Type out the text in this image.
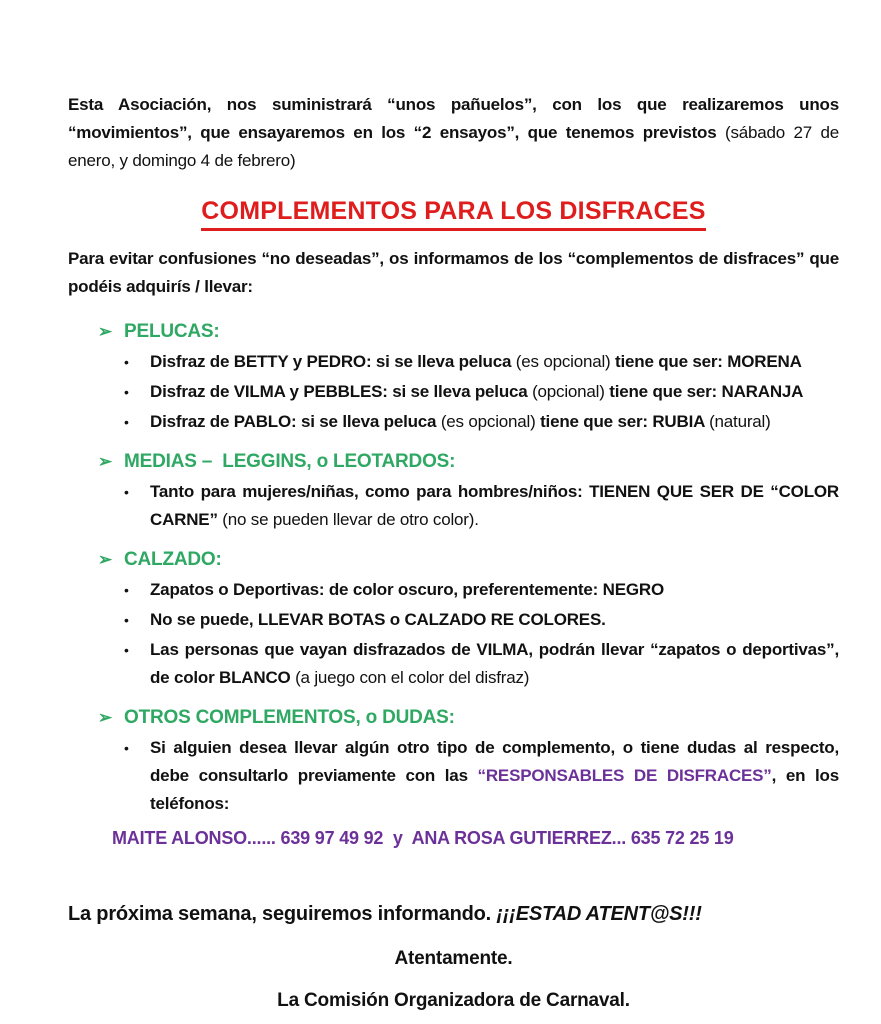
Esta Asociación, nos suministrará “unos pañuelos”, con los que realizaremos unos “movimientos”, que ensayaremos en los “2 ensayos”, que tenemos previstos (sábado 27 de enero, y domingo 4 de febrero)

COMPLEMENTOS PARA LOS DISFRACES

Para evitar confusiones “no deseadas”, os informamos de los “complementos de disfraces” que podéis adquirís / llevar:

➢ PELUCAS:
•	Disfraz de BETTY y PEDRO: si se lleva peluca (es opcional) tiene que ser: MORENA
•	Disfraz de VILMA y PEBBLES: si se lleva peluca (opcional) tiene que ser: NARANJA
•	Disfraz de PABLO: si se lleva peluca (es opcional) tiene que ser: RUBIA (natural)
➢ MEDIAS –  LEGGINS, o LEOTARDOS:
•	Tanto para mujeres/niñas, como para hombres/niños: TIENEN QUE SER DE “COLOR CARNE” (no se pueden llevar de otro color).
➢ CALZADO:
•	Zapatos o Deportivas: de color oscuro, preferentemente: NEGRO
•	No se puede, LLEVAR BOTAS o CALZADO RE COLORES.
•	Las personas que vayan disfrazados de VILMA, podrán llevar “zapatos o deportivas”, de color BLANCO (a juego con el color del disfraz)
➢ OTROS COMPLEMENTOS, o DUDAS:
•	Si alguien desea llevar algún otro tipo de complemento, o tiene dudas al respecto, debe consultarlo previamente con las “RESPONSABLES DE DISFRACES”, en los teléfonos:
MAITE ALONSO...... 639 97 49 92  y  ANA ROSA GUTIERREZ... 635 72 25 19

La próxima semana, seguiremos informando. ¡¡¡ESTAD ATENT@S!!!

Atentamente.
La Comisión Organizadora de Carnaval.
